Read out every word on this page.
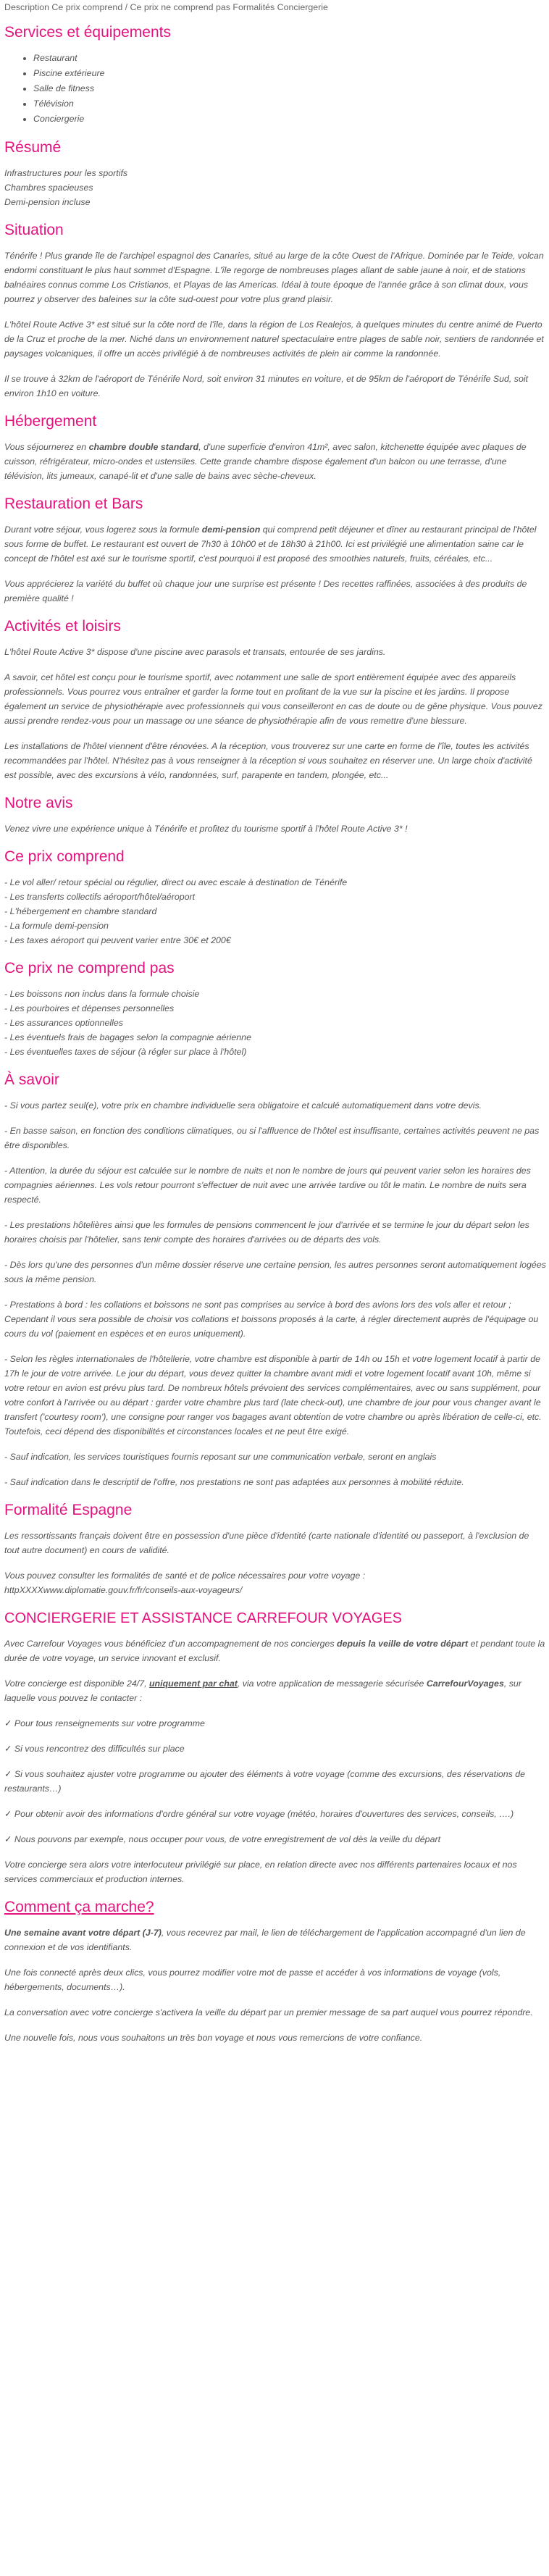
Description Ce prix comprend / Ce prix ne comprend pas Formalités Conciergerie

Services et équipements
• Restaurant
• Piscine extérieure
• Salle de fitness
• Télévision
• Conciergerie
Résumé
Infrastructures pour les sportifs
Chambres spacieuses
Demi-pension incluse
Situation

Ténérife ! Plus grande île de l'archipel espagnol des Canaries, situé au large de la côte Ouest de l'Afrique. Dominée par le Teide, volcan endormi constituant le plus haut sommet d'Espagne. L'île regorge de nombreuses plages allant de sable jaune à noir, et de stations balnéaires connus comme Los Cristianos, et Playas de las Americas. Idéal à toute époque de l'année grâce à son climat doux, vous pourrez y observer des baleines sur la côte sud-ouest pour votre plus grand plaisir.

L'hôtel Route Active 3* est situé sur la côte nord de l'île, dans la région de Los Realejos, à quelques minutes du centre animé de Puerto de la Cruz et proche de la mer. Niché dans un environnement naturel spectaculaire entre plages de sable noir, sentiers de randonnée et paysages volcaniques, il offre un accès privilégié à de nombreuses activités de plein air comme la randonnée.

Il se trouve à 32km de l'aéroport de Ténérife Nord, soit environ 31 minutes en voiture, et de 95km de l'aéroport de Ténérife Sud, soit environ 1h10 en voiture.

Hébergement

Vous séjournerez en chambre double standard, d'une superficie d'environ 41m², avec salon, kitchenette équipée avec plaques de cuisson, réfrigérateur, micro-ondes et ustensiles. Cette grande chambre dispose également d'un balcon ou une terrasse, d'une télévision, lits jumeaux, canapé-lit et d'une salle de bains avec sèche-cheveux.

Restauration et Bars

Durant votre séjour, vous logerez sous la formule demi-pension qui comprend petit déjeuner et dîner au restaurant principal de l'hôtel sous forme de buffet. Le restaurant est ouvert de 7h30 à 10h00 et de 18h30 à 21h00. Ici est privilégié une alimentation saine car le concept de l'hôtel est axé sur le tourisme sportif, c'est pourquoi il est proposé des smoothies naturels, fruits, céréales, etc...

Vous apprécierez la variété du buffet où chaque jour une surprise est présente ! Des recettes raffinées, associées à des produits de première qualité !

Activités et loisirs

L'hôtel Route Active 3* dispose d'une piscine avec parasols et transats, entourée de ses jardins.

A savoir, cet hôtel est conçu pour le tourisme sportif, avec notamment une salle de sport entièrement équipée avec des appareils professionnels. Vous pourrez vous entraîner et garder la forme tout en profitant de la vue sur la piscine et les jardins. Il propose également un service de physiothérapie avec professionnels qui vous conseilleront en cas de doute ou de gêne physique. Vous pouvez aussi prendre rendez-vous pour un massage ou une séance de physiothérapie afin de vous remettre d'une blessure.

Les installations de l'hôtel viennent d'être rénovées. A la réception, vous trouverez sur une carte en forme de l'île, toutes les activités recommandées par l'hôtel. N'hésitez pas à vous renseigner à la réception si vous souhaitez en réserver une. Un large choix d'activité est possible, avec des excursions à vélo, randonnées, surf, parapente en tandem, plongée, etc...

Notre avis

Venez vivre une expérience unique à Ténérife et profitez du tourisme sportif à l'hôtel Route Active 3* !

Ce prix comprend
- Le vol aller/ retour spécial ou régulier, direct ou avec escale à destination de Ténérife
- Les transferts collectifs aéroport/hôtel/aéroport
- L'hébergement en chambre standard
- La formule demi-pension
- Les taxes aéroport qui peuvent varier entre 30€ et 200€
Ce prix ne comprend pas
- Les boissons non inclus dans la formule choisie
- Les pourboires et dépenses personnelles
- Les assurances optionnelles
- Les éventuels frais de bagages selon la compagnie aérienne
- Les éventuelles taxes de séjour (à régler sur place à l'hôtel)
À savoir

- Si vous partez seul(e), votre prix en chambre individuelle sera obligatoire et calculé automatiquement dans votre devis.

- En basse saison, en fonction des conditions climatiques, ou si l'affluence de l'hôtel est insuffisante, certaines activités peuvent ne pas être disponibles.

- Attention, la durée du séjour est calculée sur le nombre de nuits et non le nombre de jours qui peuvent varier selon les horaires des compagnies aériennes. Les vols retour pourront s'effectuer de nuit avec une arrivée tardive ou tôt le matin. Le nombre de nuits sera respecté.

- Les prestations hôtelières ainsi que les formules de pensions commencent le jour d'arrivée et se termine le jour du départ selon les horaires choisis par l'hôtelier, sans tenir compte des horaires d'arrivées ou de départs des vols.

- Dès lors qu'une des personnes d'un même dossier réserve une certaine pension, les autres personnes seront automatiquement logées sous la même pension.

- Prestations à bord : les collations et boissons ne sont pas comprises au service à bord des avions lors des vols aller et retour ; Cependant il vous sera possible de choisir vos collations et boissons proposés à la carte, à régler directement auprès de l'équipage ou cours du vol (paiement en espèces et en euros uniquement).

- Selon les règles internationales de l'hôtellerie, votre chambre est disponible à partir de 14h ou 15h et votre logement locatif à partir de 17h le jour de votre arrivée. Le jour du départ, vous devez quitter la chambre avant midi et votre logement locatif avant 10h, même si votre retour en avion est prévu plus tard. De nombreux hôtels prévoient des services complémentaires, avec ou sans supplément, pour votre confort à l'arrivée ou au départ : garder votre chambre plus tard (late check-out), une chambre de jour pour vous changer avant le transfert ('courtesy room'), une consigne pour ranger vos bagages avant obtention de votre chambre ou après libération de celle-ci, etc. Toutefois, ceci dépend des disponibilités et circonstances locales et ne peut être exigé.

- Sauf indication, les services touristiques fournis reposant sur une communication verbale, seront en anglais

- Sauf indication dans le descriptif de l'offre, nos prestations ne sont pas adaptées aux personnes à mobilité réduite.

Formalité Espagne

Les ressortissants français doivent être en possession d'une pièce d'identité (carte nationale d'identité ou passeport, à l'exclusion de tout autre document) en cours de validité.

Vous pouvez consulter les formalités de santé et de police nécessaires pour votre voyage :
httpXXXXwww.diplomatie.gouv.fr/fr/conseils-aux-voyageurs/

CONCIERGERIE ET ASSISTANCE CARREFOUR VOYAGES

Avec Carrefour Voyages vous bénéficiez d'un accompagnement de nos concierges depuis la veille de votre départ et pendant toute la durée de votre voyage, un service innovant et exclusif.

Votre concierge est disponible 24/7, uniquement par chat, via votre application de messagerie sécurisée CarrefourVoyages, sur laquelle vous pouvez le contacter :

✓ Pour tous renseignements sur votre programme

✓ Si vous rencontrez des difficultés sur place

✓ Si vous souhaitez ajuster votre programme ou ajouter des éléments à votre voyage (comme des excursions, des réservations de restaurants…)

✓ Pour obtenir avoir des informations d'ordre général sur votre voyage (météo, horaires d'ouvertures des services, conseils, ….)

✓ Nous pouvons par exemple, nous occuper pour vous, de votre enregistrement de vol dès la veille du départ

Votre concierge sera alors votre interlocuteur privilégié sur place, en relation directe avec nos différents partenaires locaux et nos services commerciaux et production internes.

Comment ça marche?

Une semaine avant votre départ (J-7), vous recevrez par mail, le lien de téléchargement de l'application accompagné d'un lien de connexion et de vos identifiants.

Une fois connecté après deux clics, vous pourrez modifier votre mot de passe et accéder à vos informations de voyage (vols, hébergements, documents…).

La conversation avec votre concierge s'activera la veille du départ par un premier message de sa part auquel vous pourrez répondre.

Une nouvelle fois, nous vous souhaitons un très bon voyage et nous vous remercions de votre confiance.
